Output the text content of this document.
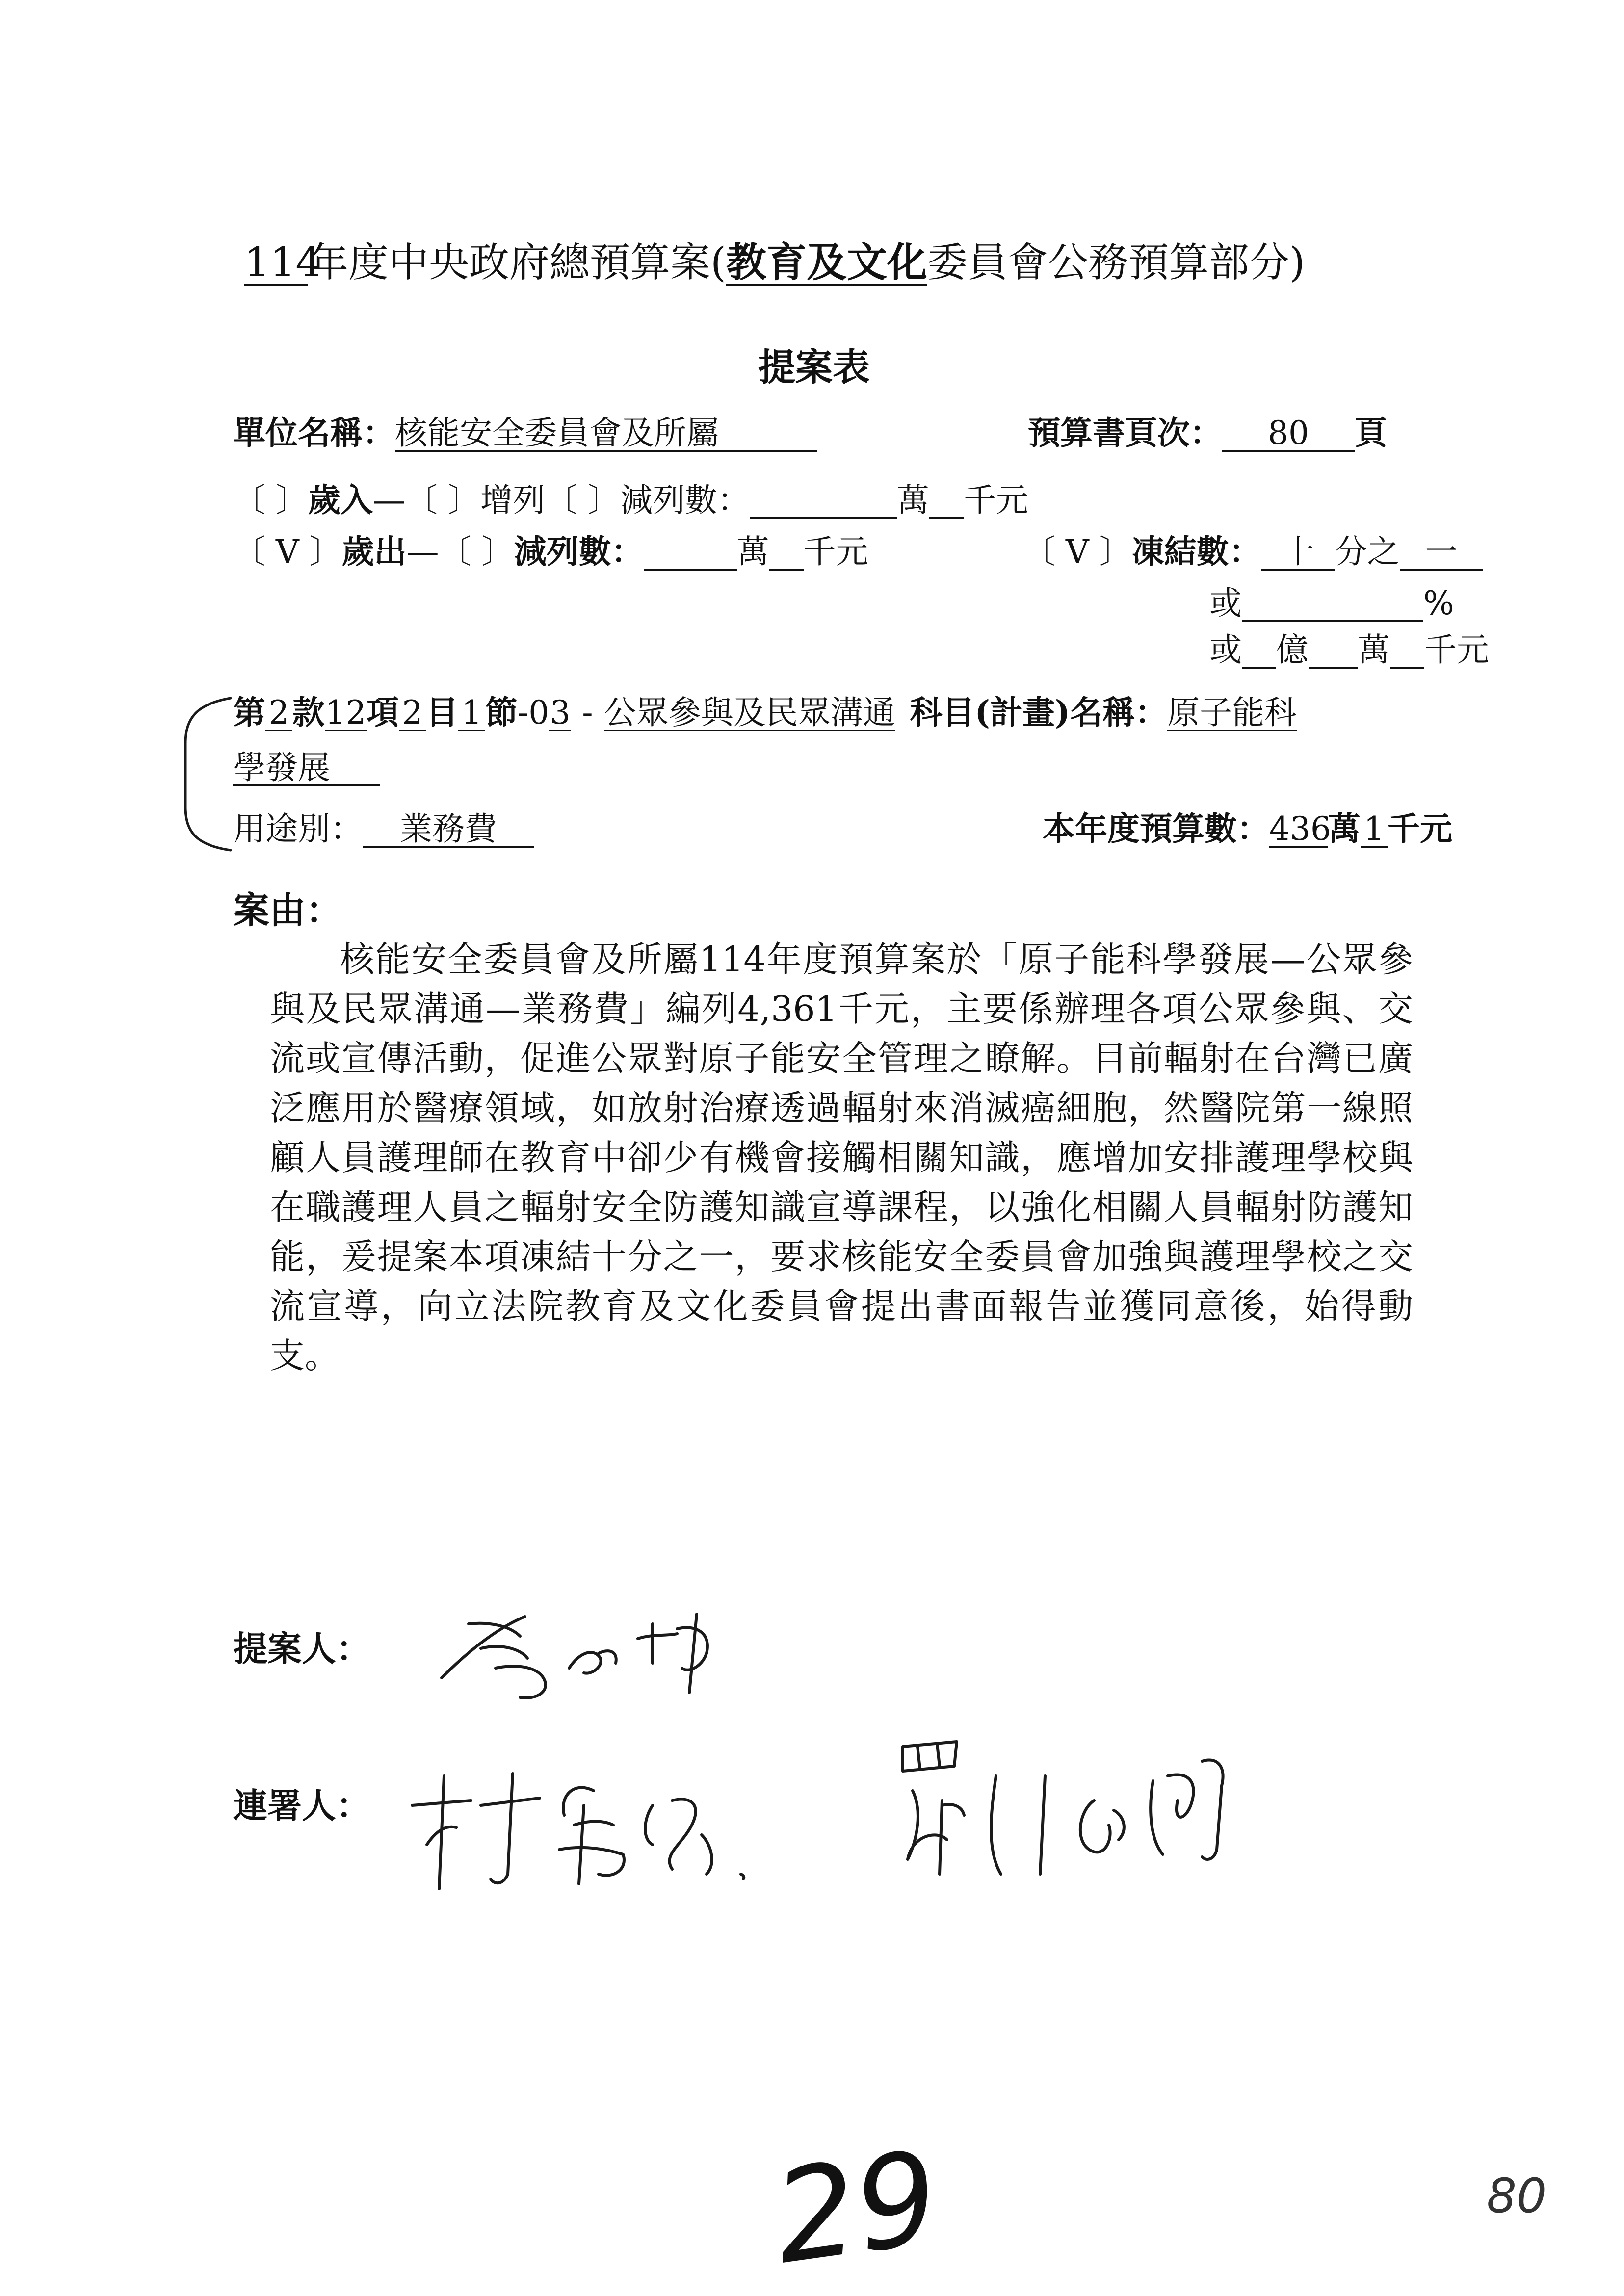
114年度中央政府總預算案(教育及文化委員會公務預算部分)
提案表
單位名稱：核能安全委員會及所屬	預算書頁次： 80 頁
〔 〕歲入—〔 〕增列〔 〕減列數：	萬 千元
〔 V 〕歲出—〔 〕減列數：	萬 千元	〔 V 〕凍結數： 十 分之 一
或	%
或 億 萬 千元
第2款12項2目1節-03 - 公眾參與及民眾溝通 科目(計畫)名稱：原子能科
學發展
用途別： 業務費	本年度預算數：436萬1千元
案由：
核能安全委員會及所屬114年度預算案於「原子能科學發展—公眾參與及民眾溝通—業務費」編列4,361千元，主要係辦理各項公眾參與、交流或宣傳活動，促進公眾對原子能安全管理之瞭解。目前輻射在台灣已廣泛應用於醫療領域，如放射治療透過輻射來消滅癌細胞，然醫院第一線照顧人員護理師在教育中卻少有機會接觸相關知識，應增加安排護理學校與在職護理人員之輻射安全防護知識宣導課程，以強化相關人員輻射防護知能，爰提案本項凍結十分之一，要求核能安全委員會加強與護理學校之交流宣導，向立法院教育及文化委員會提出書面報告並獲同意後，始得動支。
提案人：
連署人：
29	80
